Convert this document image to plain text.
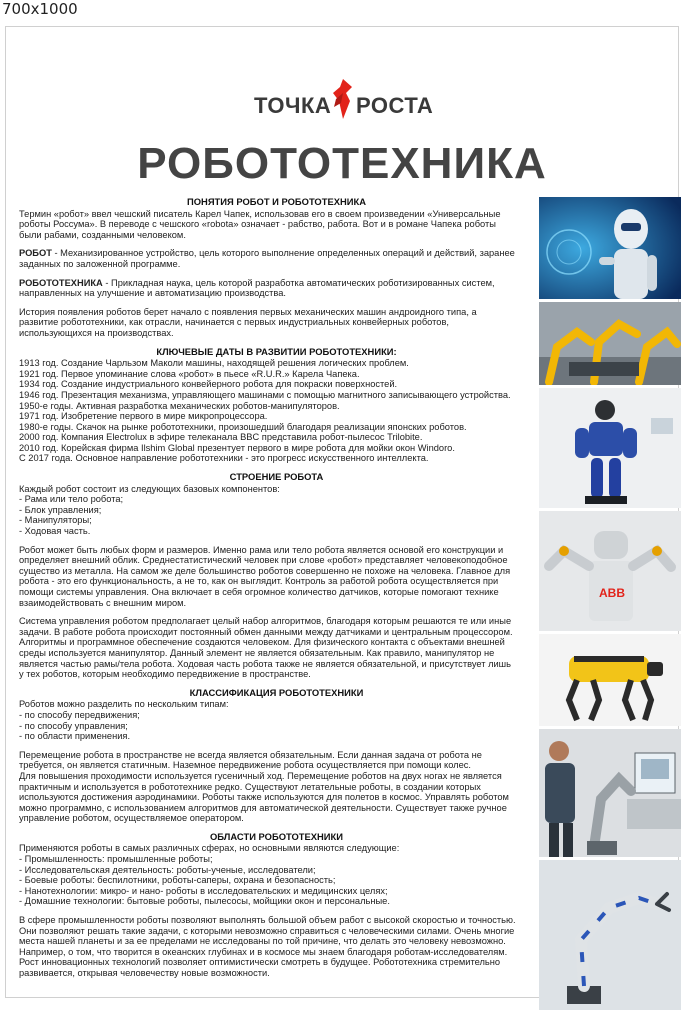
700x1000
ТОЧКА РОСТА
РОБОТОТЕХНИКА
ПОНЯТИЯ РОБОТ И РОБОТОТЕХНИКА
Термин «робот» ввел чешский писатель Карел Чапек, использовав его в своем произведении «Универсальные
роботы Россума». В переводе с чешского «robota» означает - рабство, работа. Вот и в романе Чапека роботы
были рабами, созданными человеком.
РОБОТ - Механизированное устройство, цель которого выполнение определенных операций и действий, заранее
заданных по заложенной программе.
РОБОТОТЕХНИКА - Прикладная наука, цель которой разработка автоматических роботизированных систем,
направленных на улучшение и автоматизацию производства.
История появления роботов берет начало с появления первых механических машин андроидного типа, а
развитие робототехники, как отрасли, начинается с первых индустриальных конвейерных роботов,
использующихся на производствах.
КЛЮЧЕВЫЕ ДАТЫ В РАЗВИТИИ РОБОТОТЕХНИКИ:
1913 год. Создание Чарльзом Маколи машины, находящей решения логических проблем.
1921 год. Первое упоминание слова «робот» в пьесе «R.U.R.» Карела Чапека.
1934 год. Создание индустриального конвейерного робота для покраски поверхностей.
1946 год. Презентация механизма, управляющего машинами с помощью магнитного записывающего устройства.
1950-е годы. Активная разработка механических роботов-манипуляторов.
1971 год. Изобретение первого в мире микропроцессора.
1980-е годы. Скачок на рынке робототехники, произошедший благодаря реализации японских роботов.
2000 год. Компания Electrolux в эфире телеканала BBC представила робот-пылесос Trilobite.
2010 год. Корейская фирма Ilshim Global презентует первого в мире робота для мойки окон Windoro.
С 2017 года. Основное направление робототехники - это прогресс искусственного интеллекта.
СТРОЕНИЕ РОБОТА
Каждый робот состоит из следующих базовых компонентов:
- Рама или тело робота;
- Блок управления;
- Манипуляторы;
- Ходовая часть.
Робот может быть любых форм и размеров. Именно рама или тело робота является основой его конструкции и
определяет внешний облик. Среднестатистический человек при слове «робот» представляет человекоподобное
существо из металла. На самом же деле большинство роботов совершенно не похоже на человека. Главное для
робота - это его функциональность, а не то, как он выглядит. Контроль за работой робота осуществляется при
помощи системы управления. Она включает в себя огромное количество датчиков, которые помогают технике
взаимодействовать с внешним миром.
Система управления роботом предполагает целый набор алгоритмов, благодаря которым решаются те или иные
задачи. В работе робота происходит постоянный обмен данными между датчиками и центральным процессором.
Алгоритмы и программное обеспечение создаются человеком. Для физического контакта с объектами внешней
среды используется манипулятор. Данный элемент не является обязательным. Как правило, манипулятор не
является частью рамы/тела робота. Ходовая часть робота также не является обязательной, и присутствует лишь
у тех роботов, которым необходимо передвижение в пространстве.
КЛАССИФИКАЦИЯ РОБОТОТЕХНИКИ
Роботов можно разделить по нескольким типам:
- по способу передвижения;
- по способу управления;
- по области применения.
Перемещение робота в пространстве не всегда является обязательным. Если данная задача от робота не
требуется, он является статичным. Наземное передвижение робота осуществляется при помощи колес.
Для повышения проходимости используется гусеничный ход. Перемещение роботов на двух ногах не является
практичным и используется в робототехнике редко. Существуют летательные роботы, в создании которых
используются достижения аэродинамики. Роботы также используются для полетов в космос. Управлять роботом
можно программно, с использованием алгоритмов для автоматической деятельности. Существует также ручное
управление роботом, осуществляемое оператором.
ОБЛАСТИ РОБОТОТЕХНИКИ
Применяются роботы в самых различных сферах, но основными являются следующие:
- Промышленность: промышленные роботы;
- Исследовательская деятельность: роботы-ученые, исследователи;
- Боевые роботы: беспилотники, роботы-саперы, охрана и безопасность;
- Нанотехнологии: микро- и нано- роботы в исследовательских и медицинских целях;
- Домашние технологии: бытовые роботы, пылесосы, мойщики окон и персональные.
В сфере промышленности роботы позволяют выполнять большой объем работ с высокой скоростью и точностью.
Они позволяют решать такие задачи, с которыми невозможно справиться с человеческими силами. Очень многие
места нашей планеты и за ее пределами не исследованы по той причине, что делать это человеку невозможно.
Например, о том, что творится в океанских глубинах и в космосе мы знаем благодаря роботам-исследователям.
Рост инновационных технологий позволяет оптимистически смотреть в будущее. Робототехника стремительно
развивается, открывая человечеству новые возможности.
ABB
